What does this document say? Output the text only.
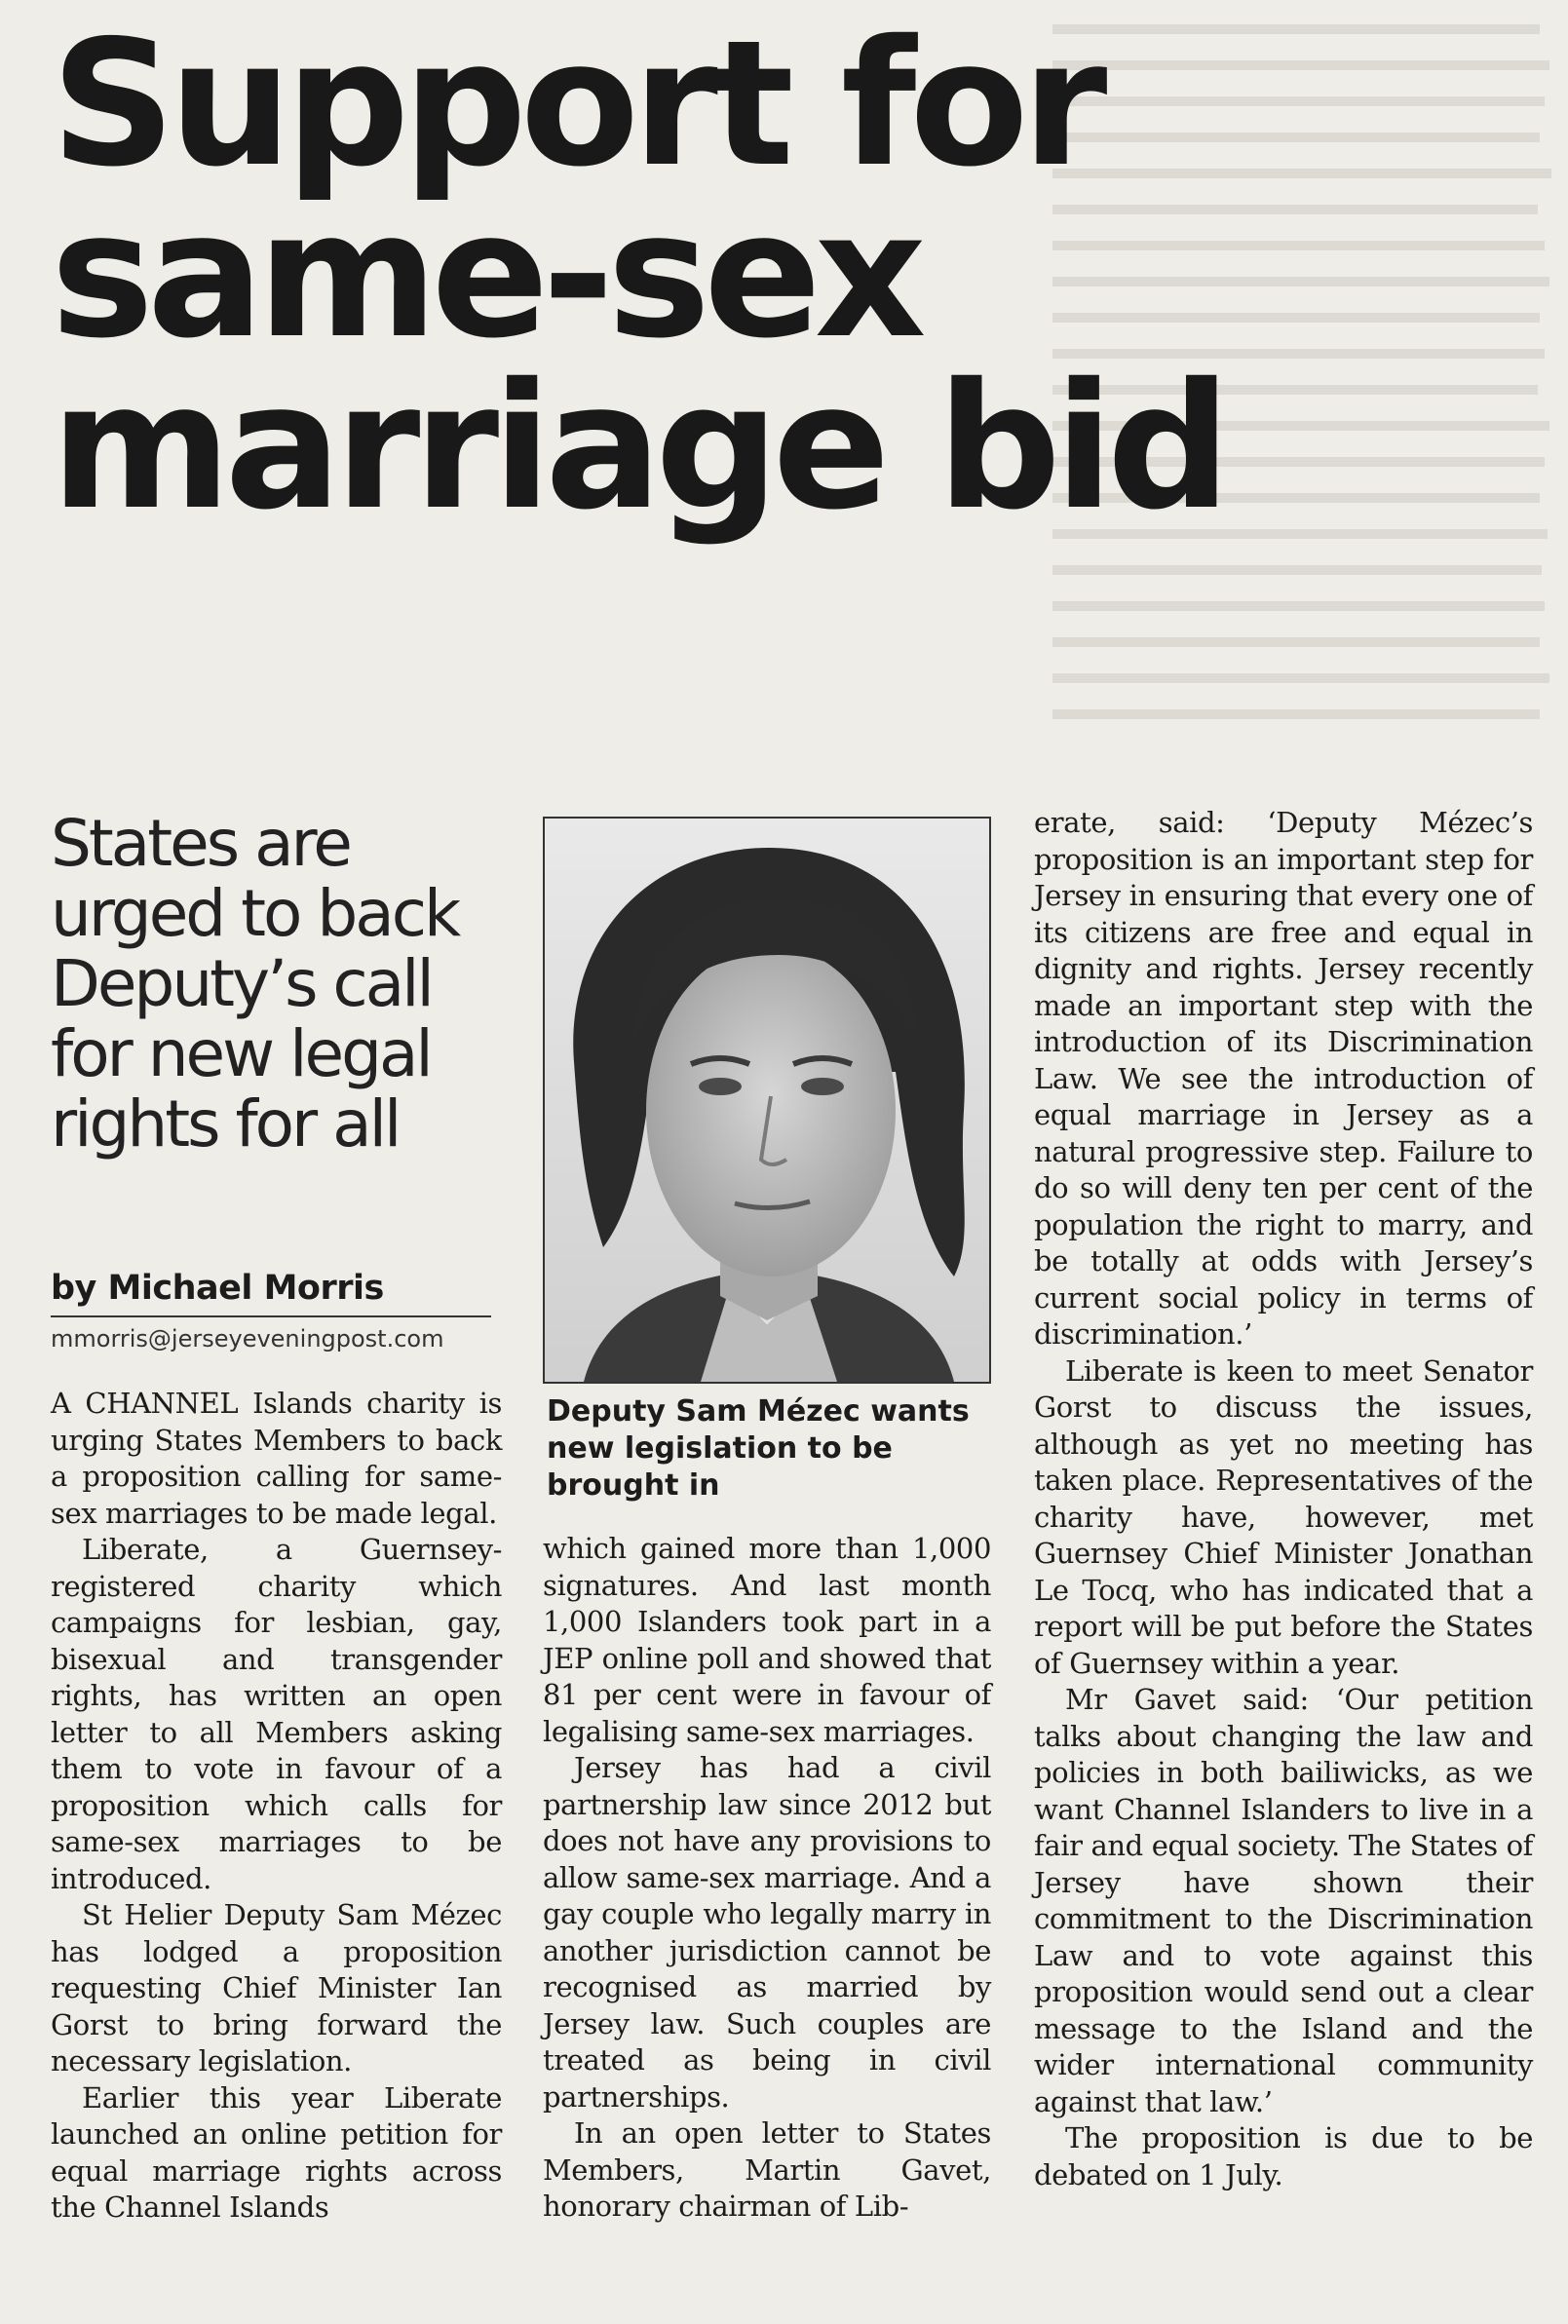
Support for
same-sex
marriage bid
States are urged to back Deputy’s call for new legal rights for all
by Michael Morris
mmorris@jerseyeveningpost.com
Deputy Sam Mézec wants new legislation to be brought in

A CHANNEL Islands charity is urging States Members to back a proposition calling for same-sex marriages to be made legal.

Liberate, a Guernsey-registered charity which campaigns for lesbian, gay, bisexual and transgender rights, has written an open letter to all Members asking them to vote in favour of a proposition which calls for same-sex marriages to be introduced.

St Helier Deputy Sam Mézec has lodged a proposition requesting Chief Minister Ian Gorst to bring forward the necessary legislation.

Earlier this year Liberate launched an online petition for equal marriage rights across the Channel Islands

which gained more than 1,000 signatures. And last month 1,000 Islanders took part in a JEP online poll and showed that 81 per cent were in favour of legalising same-sex marriages.

Jersey has had a civil partnership law since 2012 but does not have any provisions to allow same-sex marriage. And a gay couple who legally marry in another jurisdiction cannot be recognised as married by Jersey law. Such couples are treated as being in civil partnerships.

In an open letter to States Members, Martin Gavet, honorary chairman of Lib-

erate, said: ‘Deputy Mézec’s proposition is an important step for Jersey in ensuring that every one of its citizens are free and equal in dignity and rights. Jersey recently made an important step with the introduction of its Discrimination Law. We see the introduction of equal marriage in Jersey as a natural progressive step. Failure to do so will deny ten per cent of the population the right to marry, and be totally at odds with Jersey’s current social policy in terms of discrimination.’

Liberate is keen to meet Senator Gorst to discuss the issues, although as yet no meeting has taken place. Representatives of the charity have, however, met Guernsey Chief Minister Jonathan Le Tocq, who has indicated that a report will be put before the States of Guernsey within a year.

Mr Gavet said: ‘Our petition talks about changing the law and policies in both bailiwicks, as we want Channel Islanders to live in a fair and equal society. The States of Jersey have shown their commitment to the Discrimination Law and to vote against this proposition would send out a clear message to the Island and the wider international community against that law.’

The proposition is due to be debated on 1 July.
